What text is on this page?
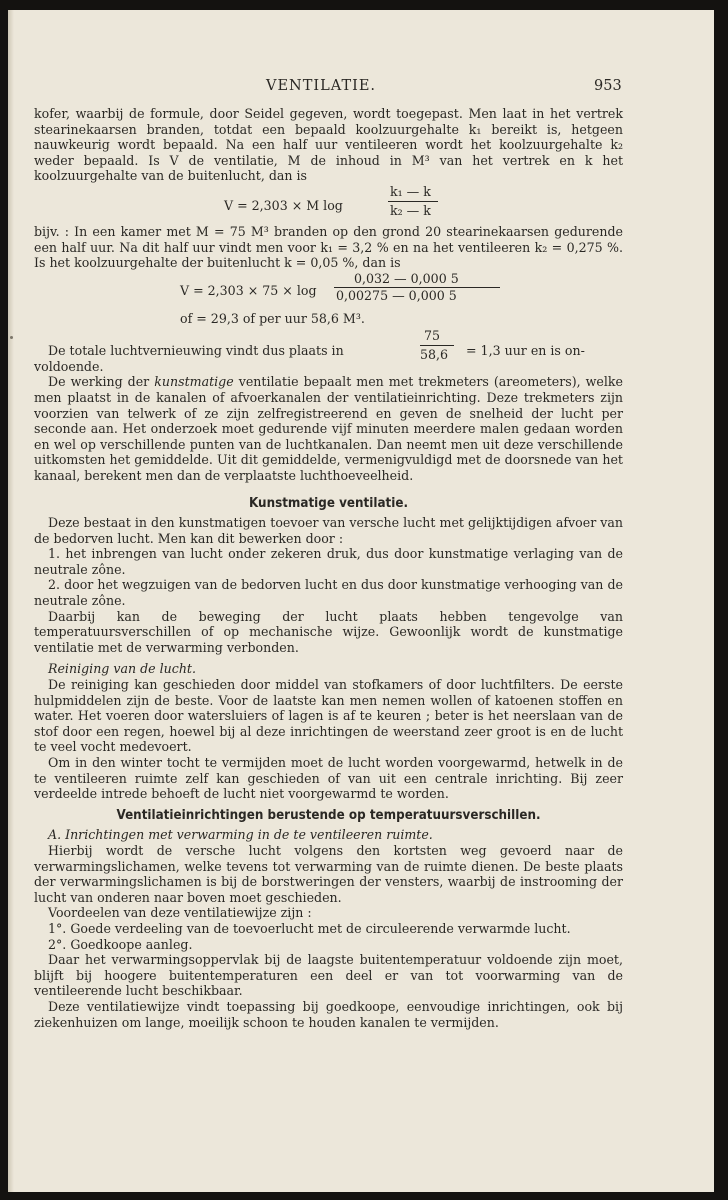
VENTILATIE.	953

kofer, waarbij de formule, door Seidel gegeven, wordt toegepast. Men laat in het vertrek stearinekaarsen branden, totdat een bepaald koolzuurgehalte k₁ bereikt is, hetgeen nauwkeurig wordt bepaald. Na een half uur ventileeren wordt het koolzuurgehalte k₂ weder bepaald. Is V de ventilatie, M de inhoud in M³ van het vertrek en k het koolzuurgehalte van de buitenlucht, dan is

V = 2,303 × M log
k₁ — k
k₂ — k

bijv. : In een kamer met M = 75 M³ branden op den grond 20 stearinekaarsen gedurende een half uur. Na dit half uur vindt men voor k₁ = 3,2 % en na het ventileeren k₂ = 0,275 %. Is het koolzuurgehalte der buitenlucht k = 0,05 %, dan is

V = 2,303 × 75 × log
0,032 — 0,000 5
0,00275 — 0,000 5
of = 29,3 of per uur 58,6 M³.
De totale luchtvernieuwing vindt dus plaats in
75
58,6 = 1,3 uur en is on-

voldoende.

De werking der kunstmatige ventilatie bepaalt men met trekmeters (areometers), welke men plaatst in de kanalen of afvoerkanalen der ventilatieinrichting. Deze trekmeters zijn voorzien van telwerk of ze zijn zelfregistreerend en geven de snelheid der lucht per seconde aan. Het onderzoek moet gedurende vijf minuten meerdere malen gedaan worden en wel op verschillende punten van de luchtkanalen. Dan neemt men uit deze verschillende uitkomsten het gemiddelde. Uit dit gemiddelde, vermenigvuldigd met de doorsnede van het kanaal, berekent men dan de verplaatste luchthoeveelheid.

Kunstmatige ventilatie.

Deze bestaat in den kunstmatigen toevoer van versche lucht met gelijktijdigen afvoer van de bedorven lucht. Men kan dit bewerken door :

1. het inbrengen van lucht onder zekeren druk, dus door kunstmatige verlaging van de neutrale zône.

2. door het wegzuigen van de bedorven lucht en dus door kunstmatige verhooging van de neutrale zône.

Daarbij kan de beweging der lucht plaats hebben tengevolge van temperatuursverschillen of op mechanische wijze. Gewoonlijk wordt de kunstmatige ventilatie met de verwarming verbonden.

Reiniging van de lucht.

De reiniging kan geschieden door middel van stofkamers of door luchtfilters. De eerste hulpmiddelen zijn de beste. Voor de laatste kan men nemen wollen of katoenen stoffen en water. Het voeren door watersluiers of lagen is af te keuren ; beter is het neerslaan van de stof door een regen, hoewel bij al deze inrichtingen de weerstand zeer groot is en de lucht te veel vocht medevoert.

Om in den winter tocht te vermijden moet de lucht worden voorgewarmd, hetwelk in de te ventileeren ruimte zelf kan geschieden of van uit een centrale inrichting. Bij zeer verdeelde intrede behoeft de lucht niet voorgewarmd te worden.

Ventilatieinrichtingen berustende op temperatuursverschillen.

A. Inrichtingen met verwarming in de te ventileeren ruimte.

Hierbij wordt de versche lucht volgens den kortsten weg gevoerd naar de verwarmingslichamen, welke tevens tot verwarming van de ruimte dienen. De beste plaats der verwarmingslichamen is bij de borstweringen der vensters, waarbij de instrooming der lucht van onderen naar boven moet geschieden.

Voordeelen van deze ventilatiewijze zijn :

1°. Goede verdeeling van de toevoerlucht met de circuleerende verwarmde lucht.

2°. Goedkoope aanleg.

Daar het verwarmingsoppervlak bij de laagste buitentemperatuur voldoende zijn moet, blijft bij hoogere buitentemperaturen een deel er van tot voorwarming van de ventileerende lucht beschikbaar.

Deze ventilatiewijze vindt toepassing bij goedkoope, eenvoudige inrichtingen, ook bij ziekenhuizen om lange, moeilijk schoon te houden kanalen te vermijden.
